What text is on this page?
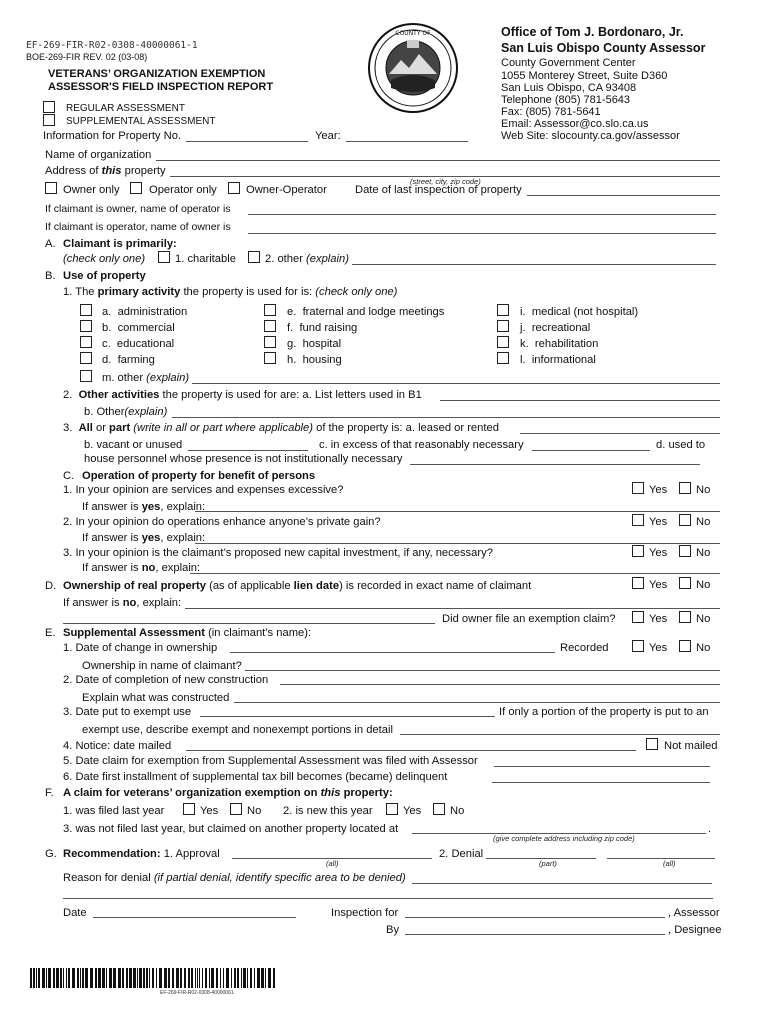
EF-269-FIR-R02-0308-40000061-1
BOE-269-FIR REV. 02 (03-08)
VETERANS’ ORGANIZATION EXEMPTION
ASSESSOR'S FIELD INSPECTION REPORT
REGULAR ASSESSMENT
SUPPLEMENTAL ASSESSMENT
Information for Property No.	Year:
COUNTY OF	Office of Tom J. Bordonaro, Jr.
San Luis Obispo County Assessor
County Government Center
1055 Monterey Street, Suite D360
San Luis Obispo, CA 93408
Telephone (805) 781-5643
Fax: (805) 781-5641
Email: Assessor@co.slo.ca.us
Web Site: slocounty.ca.gov/assessor
Name of organization
Address of this property
(street, city, zip code)
Owner only	Operator only	Owner-Operator	Date of last inspection of property
If claimant is owner, name of operator is
If claimant is operator, name of owner is
A. Claimant is primarily:
(check only one)	1. charitable	2. other (explain)
B. Use of property
1. The primary activity the property is used for is: (check only one)
a. administration
b. commercial
c. educational
d. farming
e. fraternal and lodge meetings
f. fund raising
g. hospital
h. housing
i. medical (not hospital)
j. recreational
k. rehabilitation
l. informational
m. other (explain)
2. Other activities the property is used for are: a. List letters used in B1
b. Other(explain)
3. All or part (write in all or part where applicable) of the property is: a. leased or rented
b. vacant or unused	c. in excess of that reasonably necessary	d. used to
house personnel whose presence is not institutionally necessary
C. Operation of property for benefit of persons
1. In your opinion are services and expenses excessive?	Yes	No
If answer is yes, explain:
2. In your opinion do operations enhance anyone’s private gain?	Yes	No
If answer is yes, explain:
3. In your opinion is the claimant’s proposed new capital investment, if any, necessary?	Yes	No
If answer is no, explain:
D. Ownership of real property (as of applicable lien date) is recorded in exact name of claimant	Yes	No
If answer is no, explain:
Did owner file an exemption claim?	Yes	No
E. Supplemental Assessment (in claimant’s name):
1. Date of change in ownership	Recorded	Yes	No
Ownership in name of claimant?
2. Date of completion of new construction
Explain what was constructed
3. Date put to exempt use	If only a portion of the property is put to an
exempt use, describe exempt and nonexempt portions in detail
4. Notice: date mailed	Not mailed
5. Date claim for exemption from Supplemental Assessment was filed with Assessor
6. Date first installment of supplemental tax bill becomes (became) delinquent
F. A claim for veterans’ organization exemption on this property:
1. was filed last year	Yes	No 2. is new this year	Yes	No
3. was not filed last year, but claimed on another property located at	.
(give complete address including zip code)
G. Recommendation: 1. Approval
(all)
2. Denial
(part)	(all)
Reason for denial (if partial denial, identify specific area to be denied)
Date	Inspection for	, Assessor
By	, Designee
EF-269-FIR-R02-0308-40000061
